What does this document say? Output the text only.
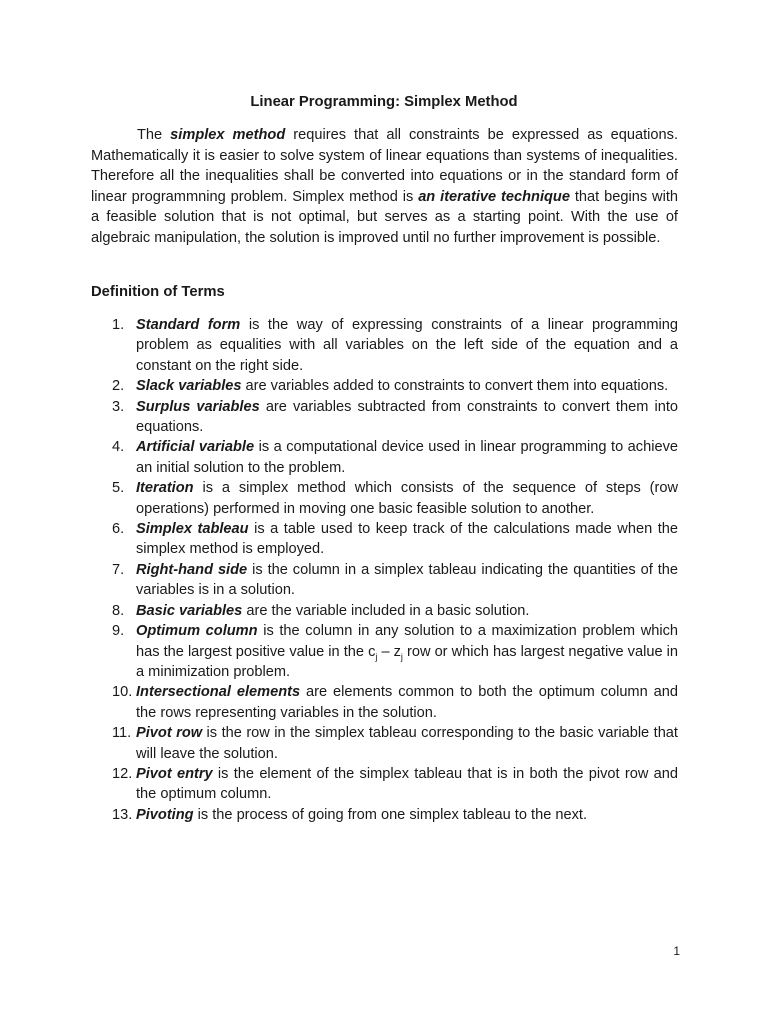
Linear Programming: Simplex Method

The simplex method requires that all constraints be expressed as equations. Mathematically it is easier to solve system of linear equations than systems of inequalities. Therefore all the inequalities shall be converted into equations or in the standard form of linear programmning problem. Simplex method is an iterative technique that begins with a feasible solution that is not optimal, but serves as a starting point. With the use of algebraic manipulation, the solution is improved until no further improvement is possible.

Definition of Terms
1. Standard form is the way of expressing constraints of a linear programming problem as equalities with all variables on the left side of the equation and a constant on the right side.
2. Slack variables are variables added to constraints to convert them into equations.
3. Surplus variables are variables subtracted from constraints to convert them into equations.
4. Artificial variable is a computational device used in linear programming to achieve an initial solution to the problem.
5. Iteration is a simplex method which consists of the sequence of steps (row operations) performed in moving one basic feasible solution to another.
6. Simplex tableau is a table used to keep track of the calculations made when the simplex method is employed.
7. Right-hand side is the column in a simplex tableau indicating the quantities of the variables is in a solution.
8. Basic variables are the variable included in a basic solution.
9. Optimum column is the column in any solution to a maximization problem which has the largest positive value in the $c_j - z_j$ row or which has largest negative value in a minimization problem.
10. Intersectional elements are elements common to both the optimum column and the rows representing variables in the solution.
11. Pivot row is the row in the simplex tableau corresponding to the basic variable that will leave the solution.
12. Pivot entry is the element of the simplex tableau that is in both the pivot row and the optimum column.
13. Pivoting is the process of going from one simplex tableau to the next.
1
